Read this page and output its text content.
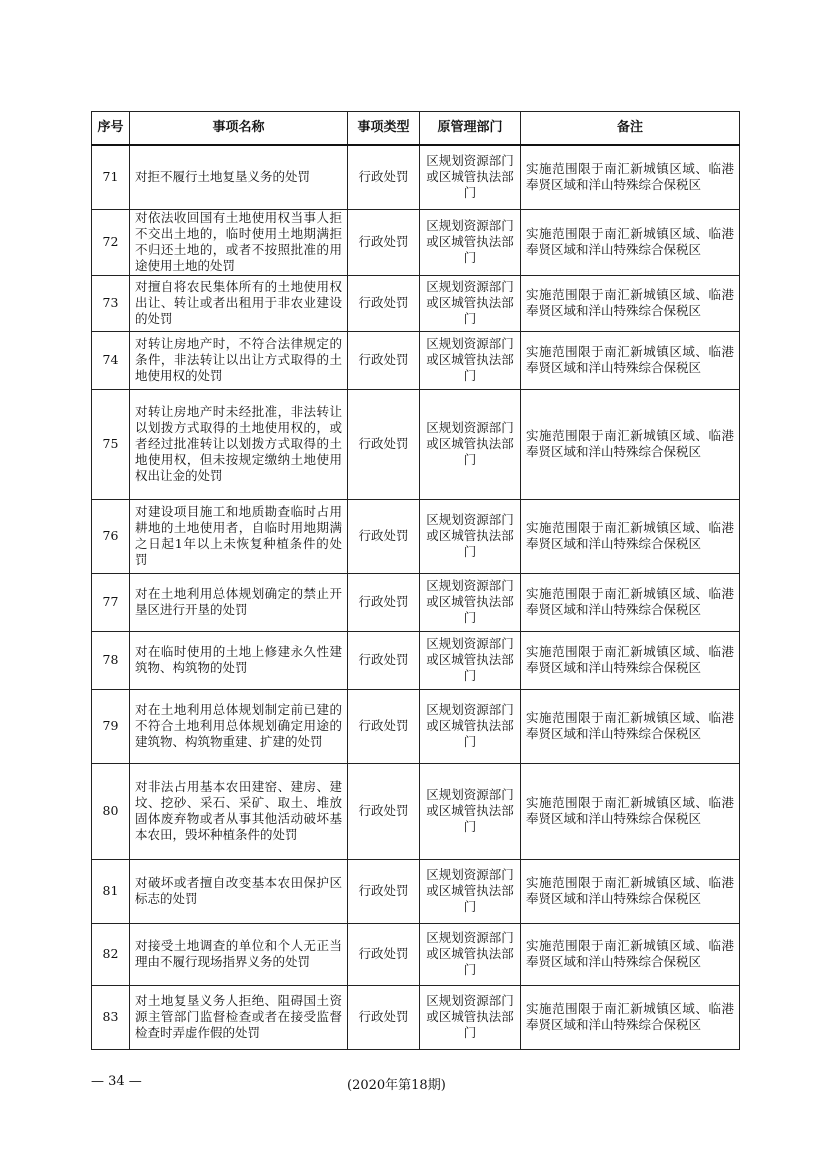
序号	事项名称	事项类型	原管理部门	备注
71	对拒不履行土地复垦义务的处罚	行政处罚	区规划资源部门或区城管执法部门	实施范围限于南汇新城镇区域、临港奉贤区域和洋山特殊综合保税区
72	对依法收回国有土地使用权当事人拒不交出土地的，临时使用土地期满拒不归还土地的，或者不按照批准的用途使用土地的处罚	行政处罚	区规划资源部门或区城管执法部门	实施范围限于南汇新城镇区域、临港奉贤区域和洋山特殊综合保税区
73	对擅自将农民集体所有的土地使用权出让、转让或者出租用于非农业建设的处罚	行政处罚	区规划资源部门或区城管执法部门	实施范围限于南汇新城镇区域、临港奉贤区域和洋山特殊综合保税区
74	对转让房地产时，不符合法律规定的条件，非法转让以出让方式取得的土地使用权的处罚	行政处罚	区规划资源部门或区城管执法部门	实施范围限于南汇新城镇区域、临港奉贤区域和洋山特殊综合保税区
75	对转让房地产时未经批准，非法转让以划拨方式取得的土地使用权的，或者经过批准转让以划拨方式取得的土地使用权，但未按规定缴纳土地使用权出让金的处罚	行政处罚	区规划资源部门或区城管执法部门	实施范围限于南汇新城镇区域、临港奉贤区域和洋山特殊综合保税区
76	对建设项目施工和地质勘查临时占用耕地的土地使用者，自临时用地期满之日起1年以上未恢复种植条件的处罚	行政处罚	区规划资源部门或区城管执法部门	实施范围限于南汇新城镇区域、临港奉贤区域和洋山特殊综合保税区
77	对在土地利用总体规划确定的禁止开垦区进行开垦的处罚	行政处罚	区规划资源部门或区城管执法部门	实施范围限于南汇新城镇区域、临港奉贤区域和洋山特殊综合保税区
78	对在临时使用的土地上修建永久性建筑物、构筑物的处罚	行政处罚	区规划资源部门或区城管执法部门	实施范围限于南汇新城镇区域、临港奉贤区域和洋山特殊综合保税区
79	对在土地利用总体规划制定前已建的不符合土地利用总体规划确定用途的建筑物、构筑物重建、扩建的处罚	行政处罚	区规划资源部门或区城管执法部门	实施范围限于南汇新城镇区域、临港奉贤区域和洋山特殊综合保税区
80	对非法占用基本农田建窑、建房、建坟、挖砂、采石、采矿、取土、堆放固体废弃物或者从事其他活动破坏基本农田，毁坏种植条件的处罚	行政处罚	区规划资源部门或区城管执法部门	实施范围限于南汇新城镇区域、临港奉贤区域和洋山特殊综合保税区
81	对破坏或者擅自改变基本农田保护区标志的处罚	行政处罚	区规划资源部门或区城管执法部门	实施范围限于南汇新城镇区域、临港奉贤区域和洋山特殊综合保税区
82	对接受土地调查的单位和个人无正当理由不履行现场指界义务的处罚	行政处罚	区规划资源部门或区城管执法部门	实施范围限于南汇新城镇区域、临港奉贤区域和洋山特殊综合保税区
83	对土地复垦义务人拒绝、阻碍国土资源主管部门监督检查或者在接受监督检查时弄虚作假的处罚	行政处罚	区规划资源部门或区城管执法部门	实施范围限于南汇新城镇区域、临港奉贤区域和洋山特殊综合保税区
— 34 —	(2020年第18期)
